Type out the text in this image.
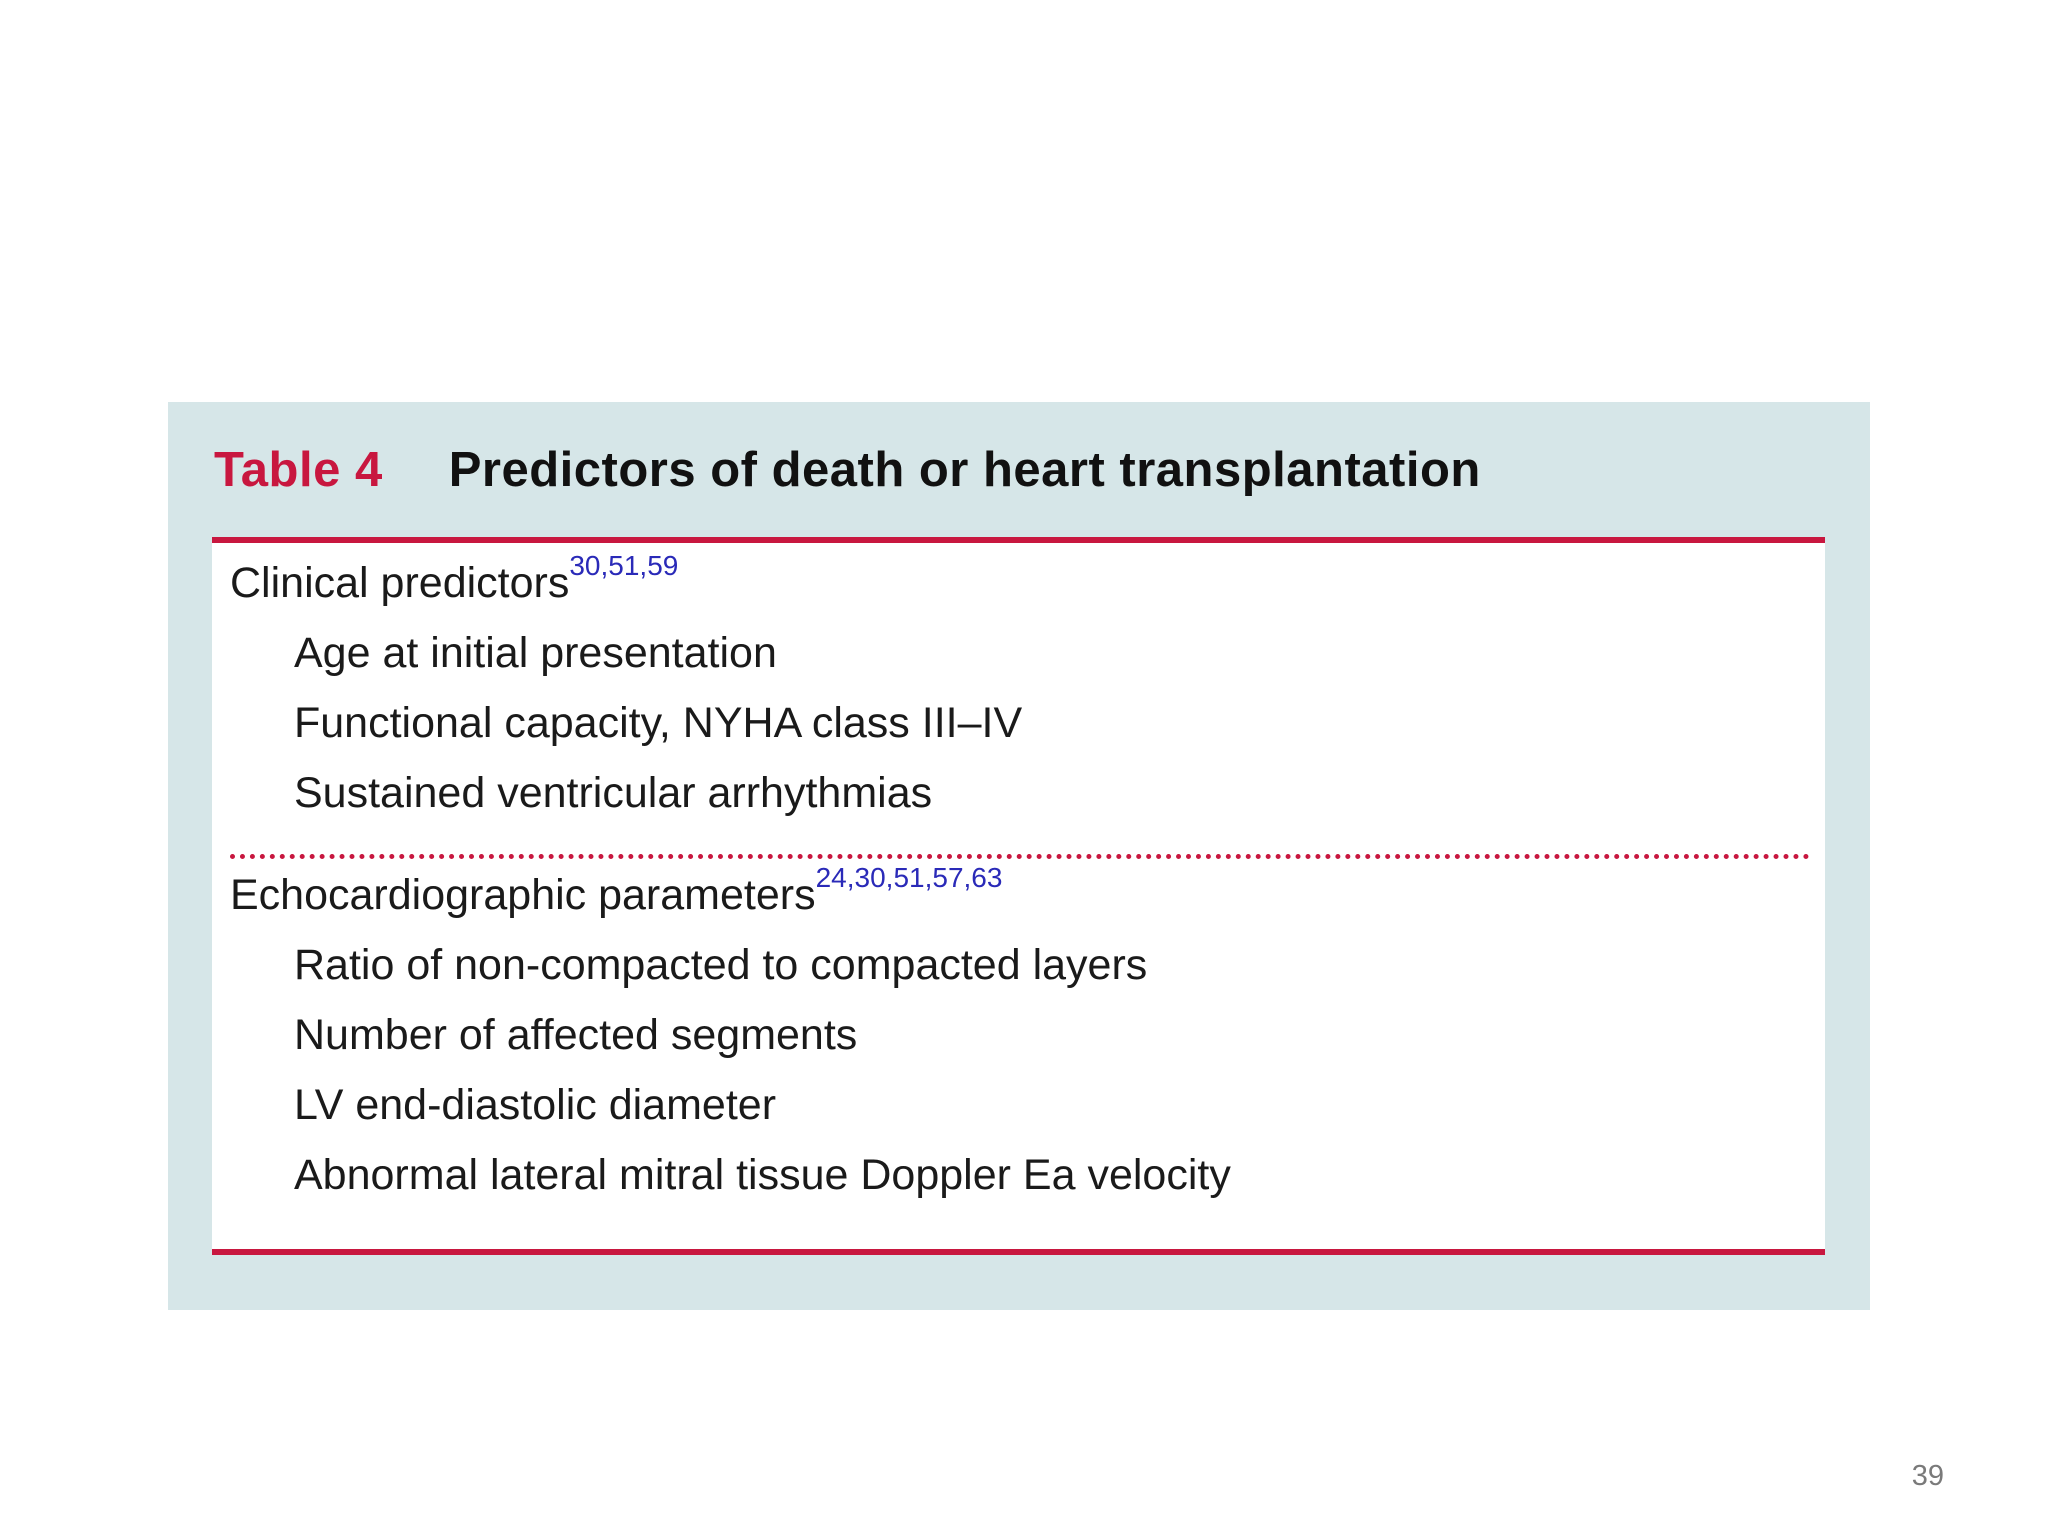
Table 4 Predictors of death or heart transplantation
Clinical predictors$^{30,51,59}$
Age at initial presentation
Functional capacity, NYHA class III–IV
Sustained ventricular arrhythmias
Echocardiographic parameters$^{24,30,51,57,63}$
Ratio of non-compacted to compacted layers
Number of affected segments
LV end-diastolic diameter
Abnormal lateral mitral tissue Doppler Ea velocity
39
